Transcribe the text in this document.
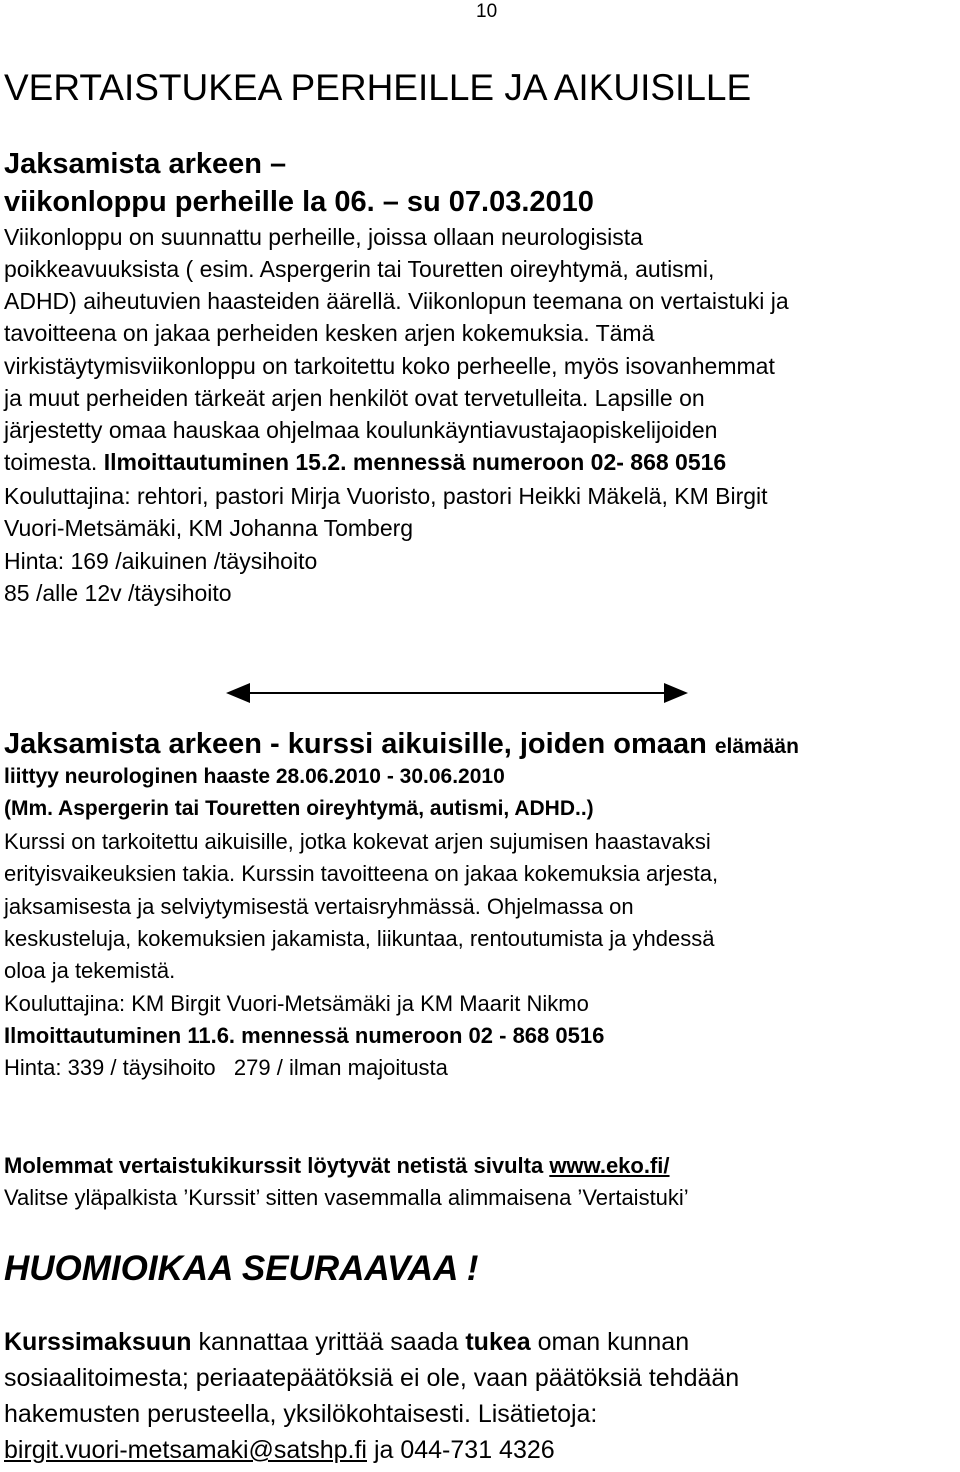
10
VERTAISTUKEA PERHEILLE JA AIKUISILLE
Jaksamista arkeen –
viikonloppu perheille la 06. – su 07.03.2010
Viikonloppu on suunnattu perheille, joissa ollaan neurologisista
poikkeavuuksista ( esim. Aspergerin tai Touretten oireyhtymä, autismi,
ADHD) aiheutuvien haasteiden äärellä. Viikonlopun teemana on vertaistuki ja
tavoitteena on jakaa perheiden kesken arjen kokemuksia. Tämä
virkistäytymisviikonloppu on tarkoitettu koko perheelle, myös isovanhemmat
ja muut perheiden tärkeät arjen henkilöt ovat tervetulleita. Lapsille on
järjestetty omaa hauskaa ohjelmaa koulunkäyntiavustajaopiskelijoiden
toimesta. Ilmoittautuminen 15.2. mennessä numeroon 02- 868 0516
Kouluttajina: rehtori, pastori Mirja Vuoristo, pastori Heikki Mäkelä, KM Birgit
Vuori-Metsämäki, KM Johanna Tomberg
Hinta: 169 /aikuinen /täysihoito
85 /alle 12v /täysihoito
Jaksamista arkeen - kurssi aikuisille, joiden omaan elämään
liittyy neurologinen haaste 28.06.2010 - 30.06.2010
(Mm. Aspergerin tai Touretten oireyhtymä, autismi, ADHD..)
Kurssi on tarkoitettu aikuisille, jotka kokevat arjen sujumisen haastavaksi
erityisvaikeuksien takia. Kurssin tavoitteena on jakaa kokemuksia arjesta,
jaksamisesta ja selviytymisestä vertaisryhmässä. Ohjelmassa on
keskusteluja, kokemuksien jakamista, liikuntaa, rentoutumista ja yhdessä
oloa ja tekemistä.
Kouluttajina: KM Birgit Vuori-Metsämäki ja KM Maarit Nikmo
Ilmoittautuminen 11.6. mennessä numeroon 02 - 868 0516
Hinta: 339 / täysihoito   279 / ilman majoitusta
Molemmat vertaistukikurssit löytyvät netistä sivulta www.eko.fi/
Valitse yläpalkista ’Kurssit’ sitten vasemmalla alimmaisena ’Vertaistuki’
HUOMIOIKAA SEURAAVAA !
Kurssimaksuun kannattaa yrittää saada tukea oman kunnan
sosiaalitoimesta; periaatepäätöksiä ei ole, vaan päätöksiä tehdään
hakemusten perusteella, yksilökohtaisesti. Lisätietoja:
birgit.vuori-metsamaki@satshp.fi ja 044-731 4326
